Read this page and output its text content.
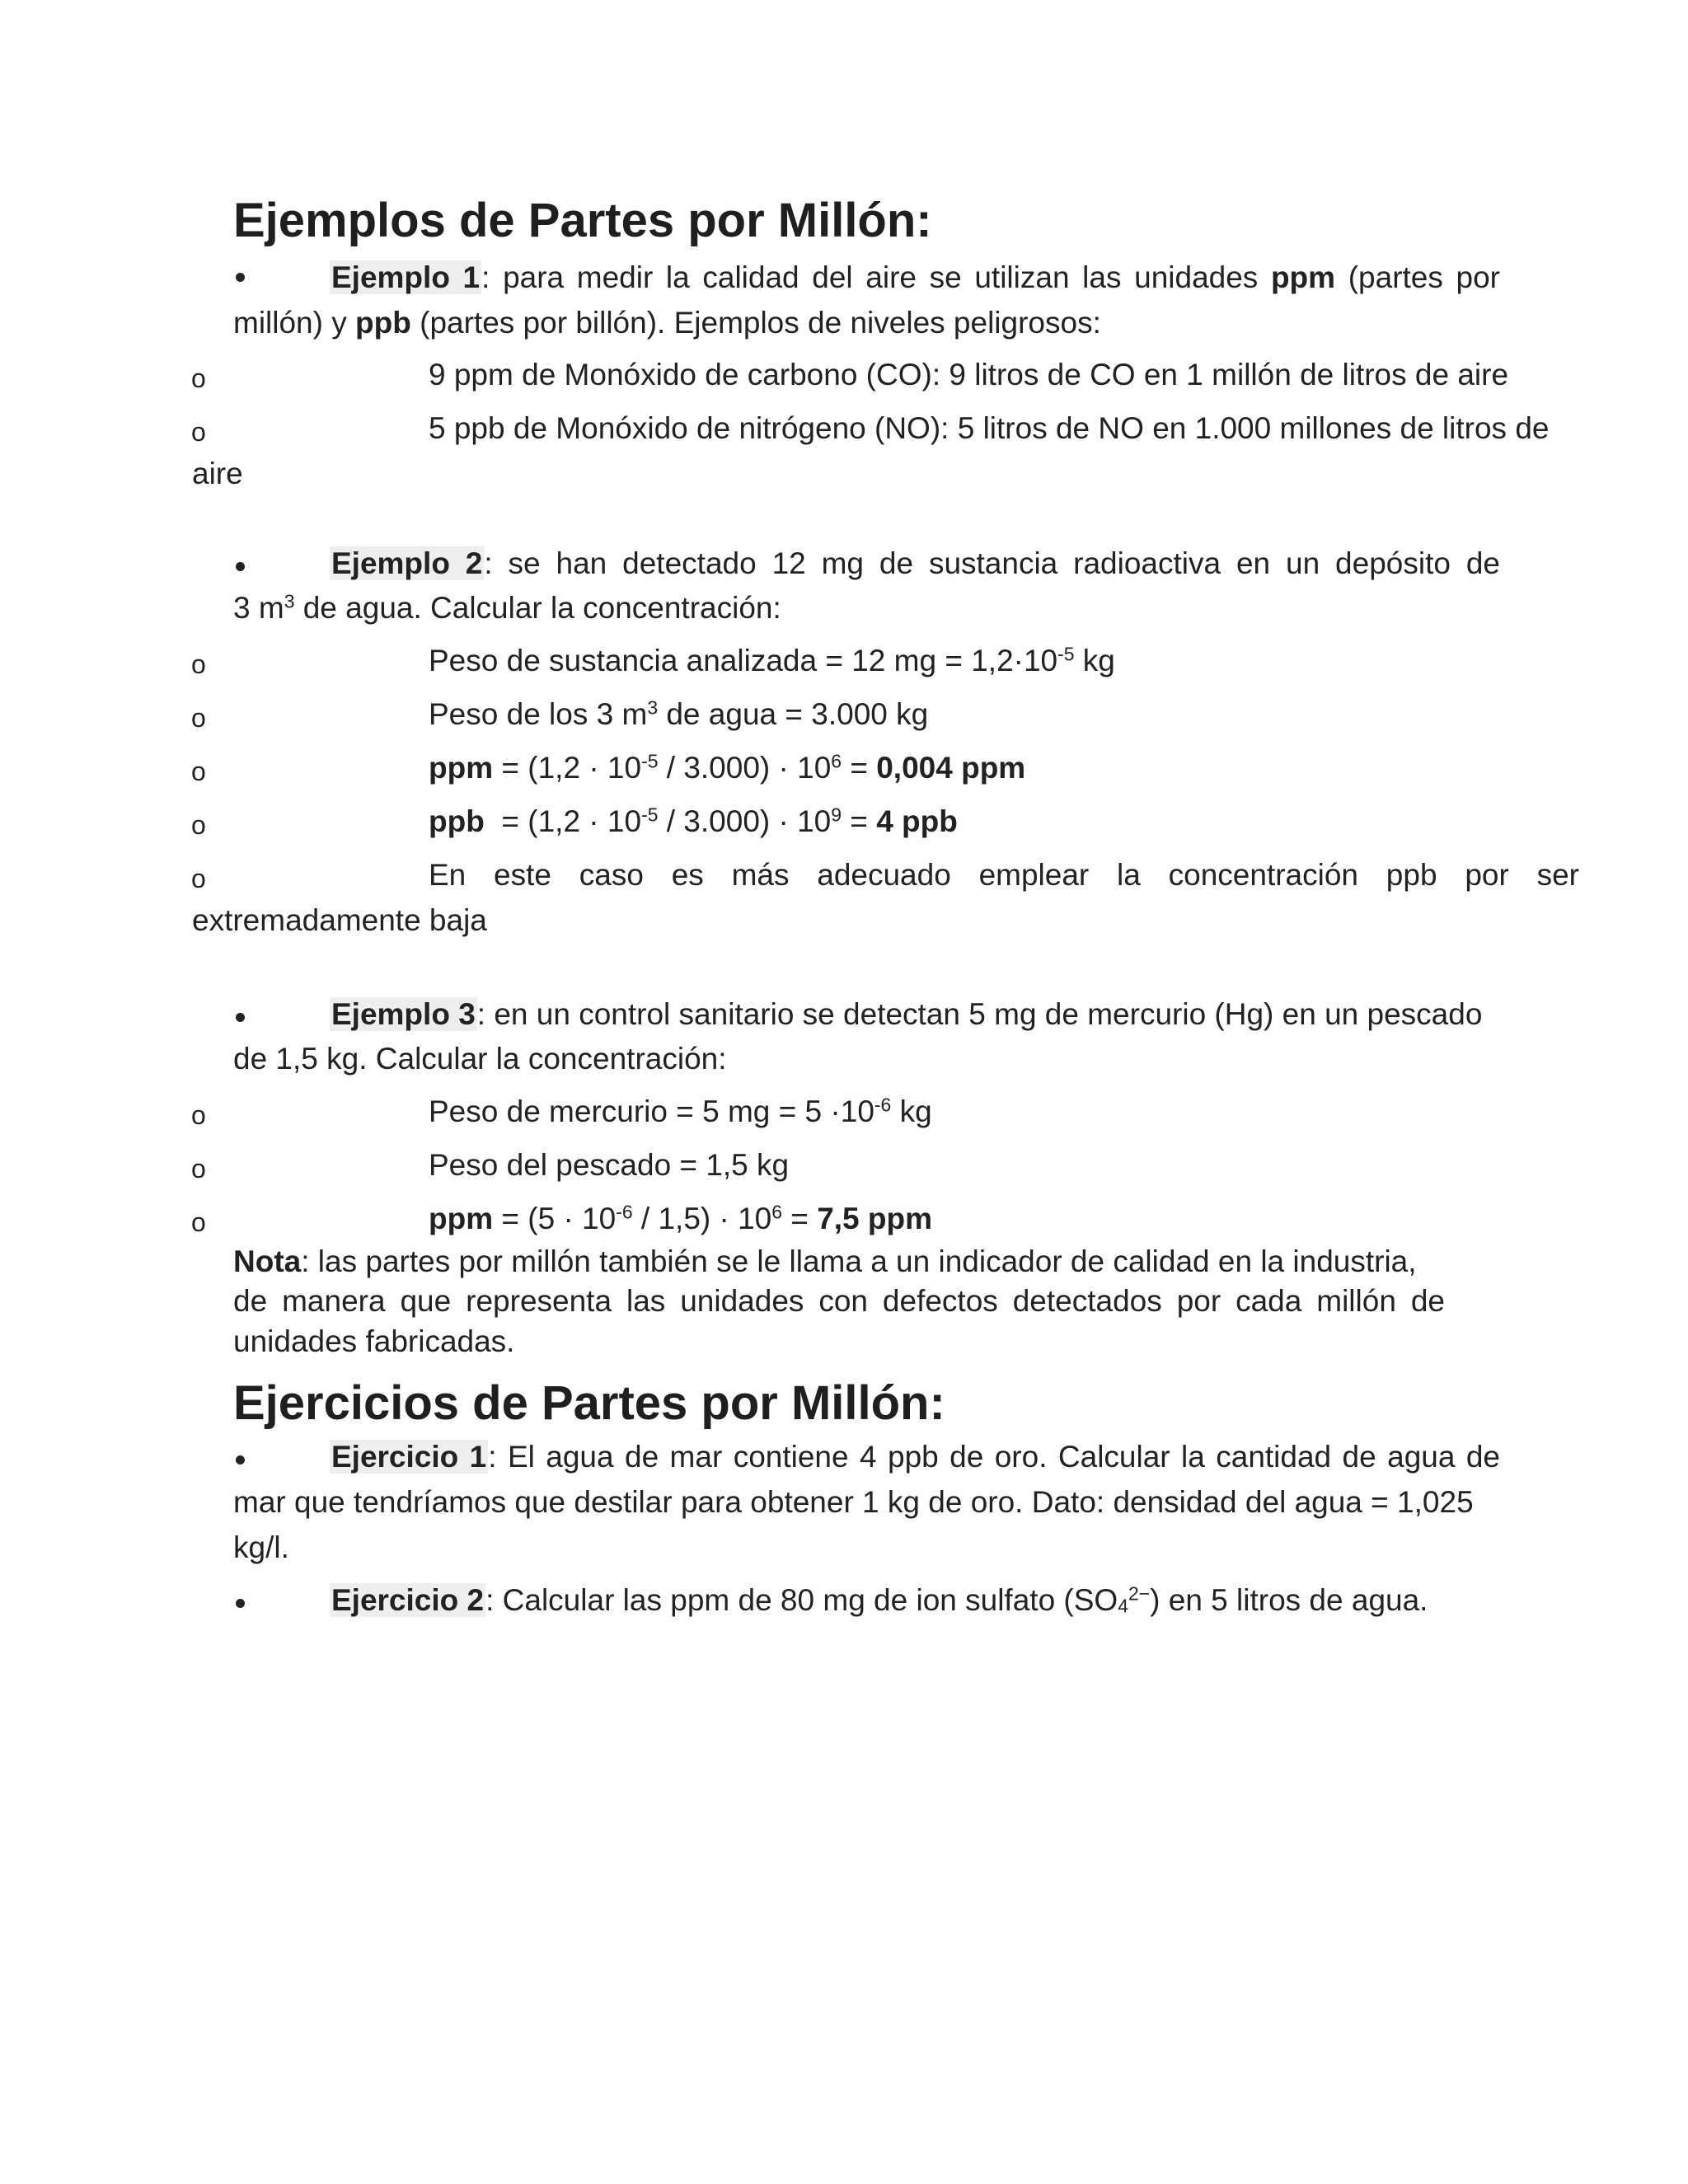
Ejemplos de Partes por Millón:
Ejemplo 1: para medir la calidad del aire se utilizan las unidades ppm (partes por
millón) y ppb (partes por billón). Ejemplos de niveles peligrosos:
o	9 ppm de Monóxido de carbono (CO): 9 litros de CO en 1 millón de litros de aire
o	5 ppb de Monóxido de nitrógeno (NO): 5 litros de NO en 1.000 millones de litros de
aire
Ejemplo 2: se han detectado 12 mg de sustancia radioactiva en un depósito de
3 $m^3$ de agua. Calcular la concentración:
o	Peso de sustancia analizada = 12 mg = $1,2\cdot 10^{-5}$ kg
o	Peso de los 3 $m^3$ de agua = 3.000 kg
o	ppm = $(1,2 \cdot 10^{-5} / 3.000) \cdot 10^6 = 0,004$ ppm
o	ppb  = $(1,2 \cdot 10^{-5} / 3.000) \cdot 10^9 = 4$ ppb
o	En este caso es más adecuado emplear la concentración ppb por ser
extremadamente baja
Ejemplo 3: en un control sanitario se detectan 5 mg de mercurio (Hg) en un pescado
de 1,5 kg. Calcular la concentración:
o	Peso de mercurio = 5 mg = $5 \cdot 10^{-6}$ kg
o	Peso del pescado = 1,5 kg
o	ppm = $(5 \cdot 10^{-6} / 1,5) \cdot 10^6 = 7,5$ ppm
Nota: las partes por millón también se le llama a un indicador de calidad en la industria,
de manera que representa las unidades con defectos detectados por cada millón de
unidades fabricadas.
Ejercicios de Partes por Millón:
Ejercicio 1: El agua de mar contiene 4 ppb de oro. Calcular la cantidad de agua de
mar que tendríamos que destilar para obtener 1 kg de oro. Dato: densidad del agua = 1,025
kg/l.
Ejercicio 2: Calcular las ppm de 80 mg de ion sulfato $(SO_4^{2-})$ en 5 litros de agua.
